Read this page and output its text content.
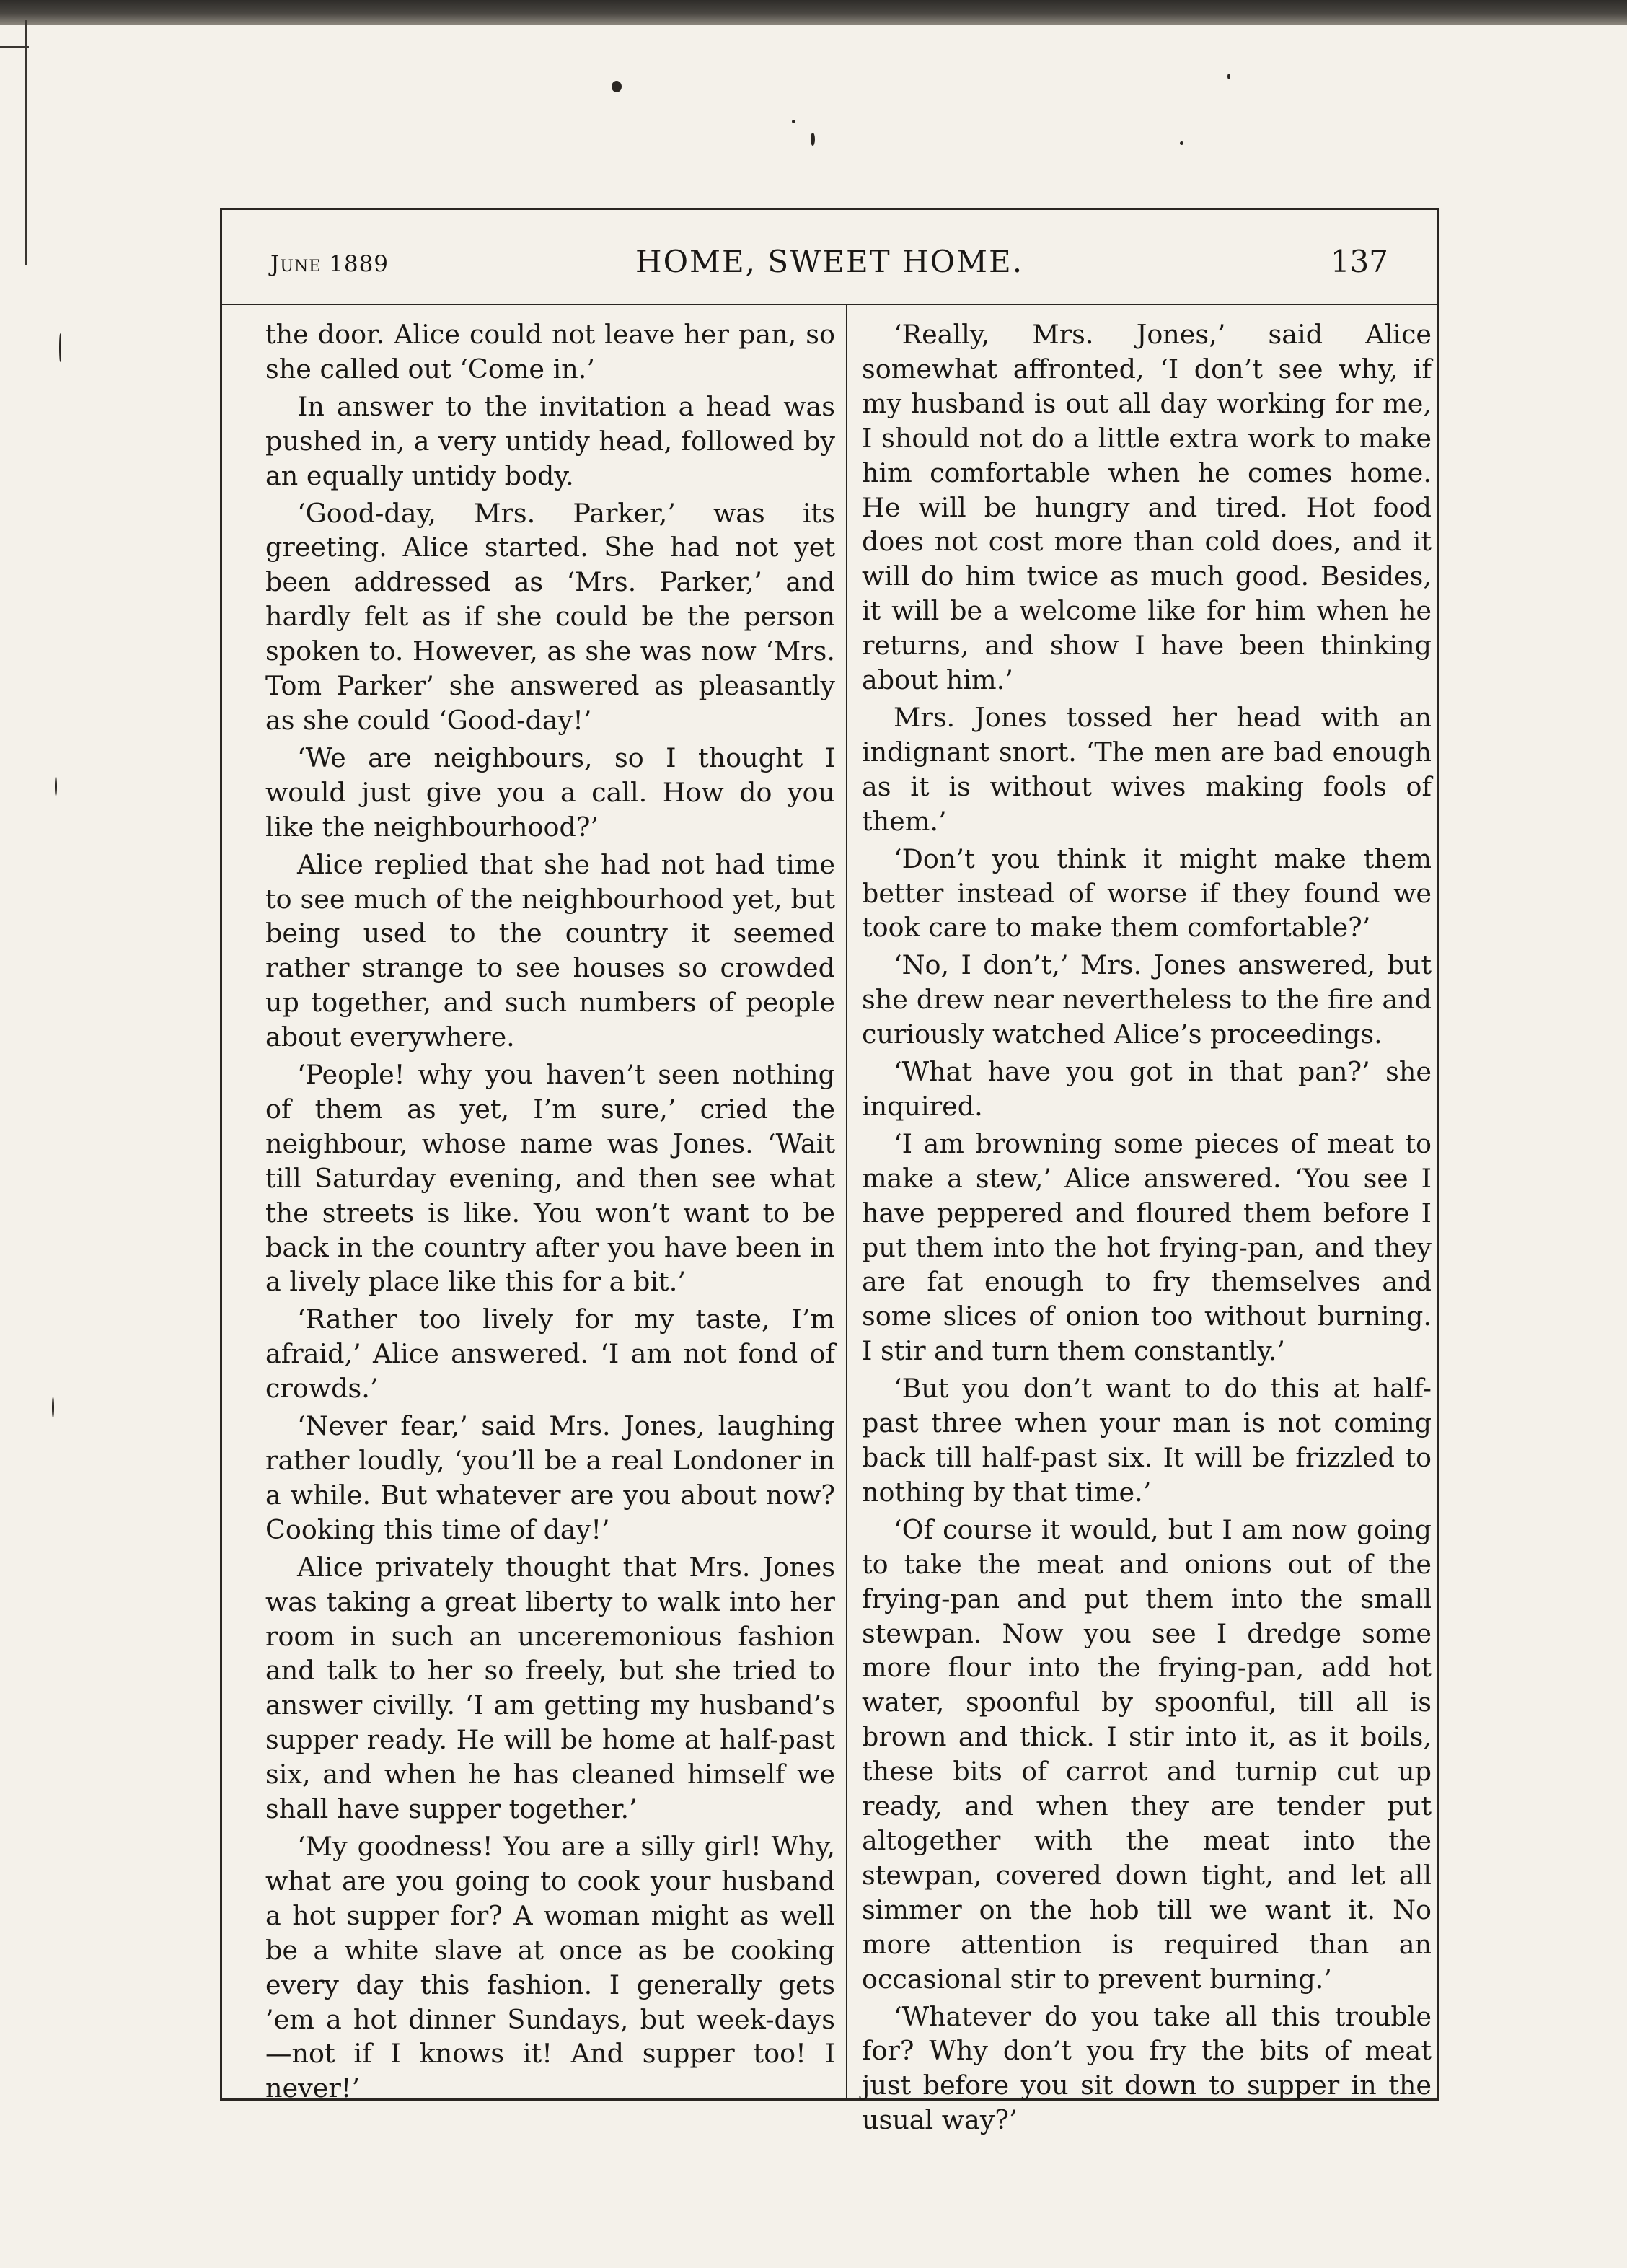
June 1889	HOME, SWEET HOME.	137

the door. Alice could not leave her pan, so she called out ‘Come in.’

In answer to the invitation a head was pushed in, a very untidy head, followed by an equally untidy body.

‘Good-day, Mrs. Parker,’ was its greeting. Alice started. She had not yet been addressed as ‘Mrs. Parker,’ and hardly felt as if she could be the person spoken to. However, as she was now ‘Mrs. Tom Parker’ she answered as pleasantly as she could ‘Good-day!’

‘We are neighbours, so I thought I would just give you a call. How do you like the neighbourhood?’

Alice replied that she had not had time to see much of the neighbourhood yet, but being used to the country it seemed rather strange to see houses so crowded up together, and such numbers of people about everywhere.

‘People! why you haven’t seen nothing of them as yet, I’m sure,’ cried the neighbour, whose name was Jones. ‘Wait till Saturday evening, and then see what the streets is like. You won’t want to be back in the country after you have been in a lively place like this for a bit.’

‘Rather too lively for my taste, I’m afraid,’ Alice answered. ‘I am not fond of crowds.’

‘Never fear,’ said Mrs. Jones, laughing rather loudly, ‘you’ll be a real Londoner in a while. But whatever are you about now? Cooking this time of day!’

Alice privately thought that Mrs. Jones was taking a great liberty to walk into her room in such an unceremonious fashion and talk to her so freely, but she tried to answer civilly. ‘I am getting my husband’s supper ready. He will be home at half-past six, and when he has cleaned himself we shall have supper together.’

‘My goodness! You are a silly girl! Why, what are you going to cook your husband a hot supper for? A woman might as well be a white slave at once as be cooking every day this fashion. I generally gets ’em a hot dinner Sundays, but week-days—not if I knows it! And supper too! I never!’

‘Really, Mrs. Jones,’ said Alice somewhat affronted, ‘I don’t see why, if my husband is out all day working for me, I should not do a little extra work to make him comfortable when he comes home. He will be hungry and tired. Hot food does not cost more than cold does, and it will do him twice as much good. Besides, it will be a welcome like for him when he returns, and show I have been thinking about him.’

Mrs. Jones tossed her head with an indignant snort. ‘The men are bad enough as it is without wives making fools of them.’

‘Don’t you think it might make them better instead of worse if they found we took care to make them comfortable?’

‘No, I don’t,’ Mrs. Jones answered, but she drew near nevertheless to the fire and curiously watched Alice’s proceedings.

‘What have you got in that pan?’ she inquired.

‘I am browning some pieces of meat to make a stew,’ Alice answered. ‘You see I have peppered and floured them before I put them into the hot frying-pan, and they are fat enough to fry themselves and some slices of onion too without burning. I stir and turn them constantly.’

‘But you don’t want to do this at half-past three when your man is not coming back till half-past six. It will be frizzled to nothing by that time.’

‘Of course it would, but I am now going to take the meat and onions out of the frying-pan and put them into the small stewpan. Now you see I dredge some more flour into the frying-pan, add hot water, spoonful by spoonful, till all is brown and thick. I stir into it, as it boils, these bits of carrot and turnip cut up ready, and when they are tender put altogether with the meat into the stewpan, covered down tight, and let all simmer on the hob till we want it. No more attention is required than an occasional stir to prevent burning.’

‘Whatever do you take all this trouble for? Why don’t you fry the bits of meat just before you sit down to supper in the usual way?’
